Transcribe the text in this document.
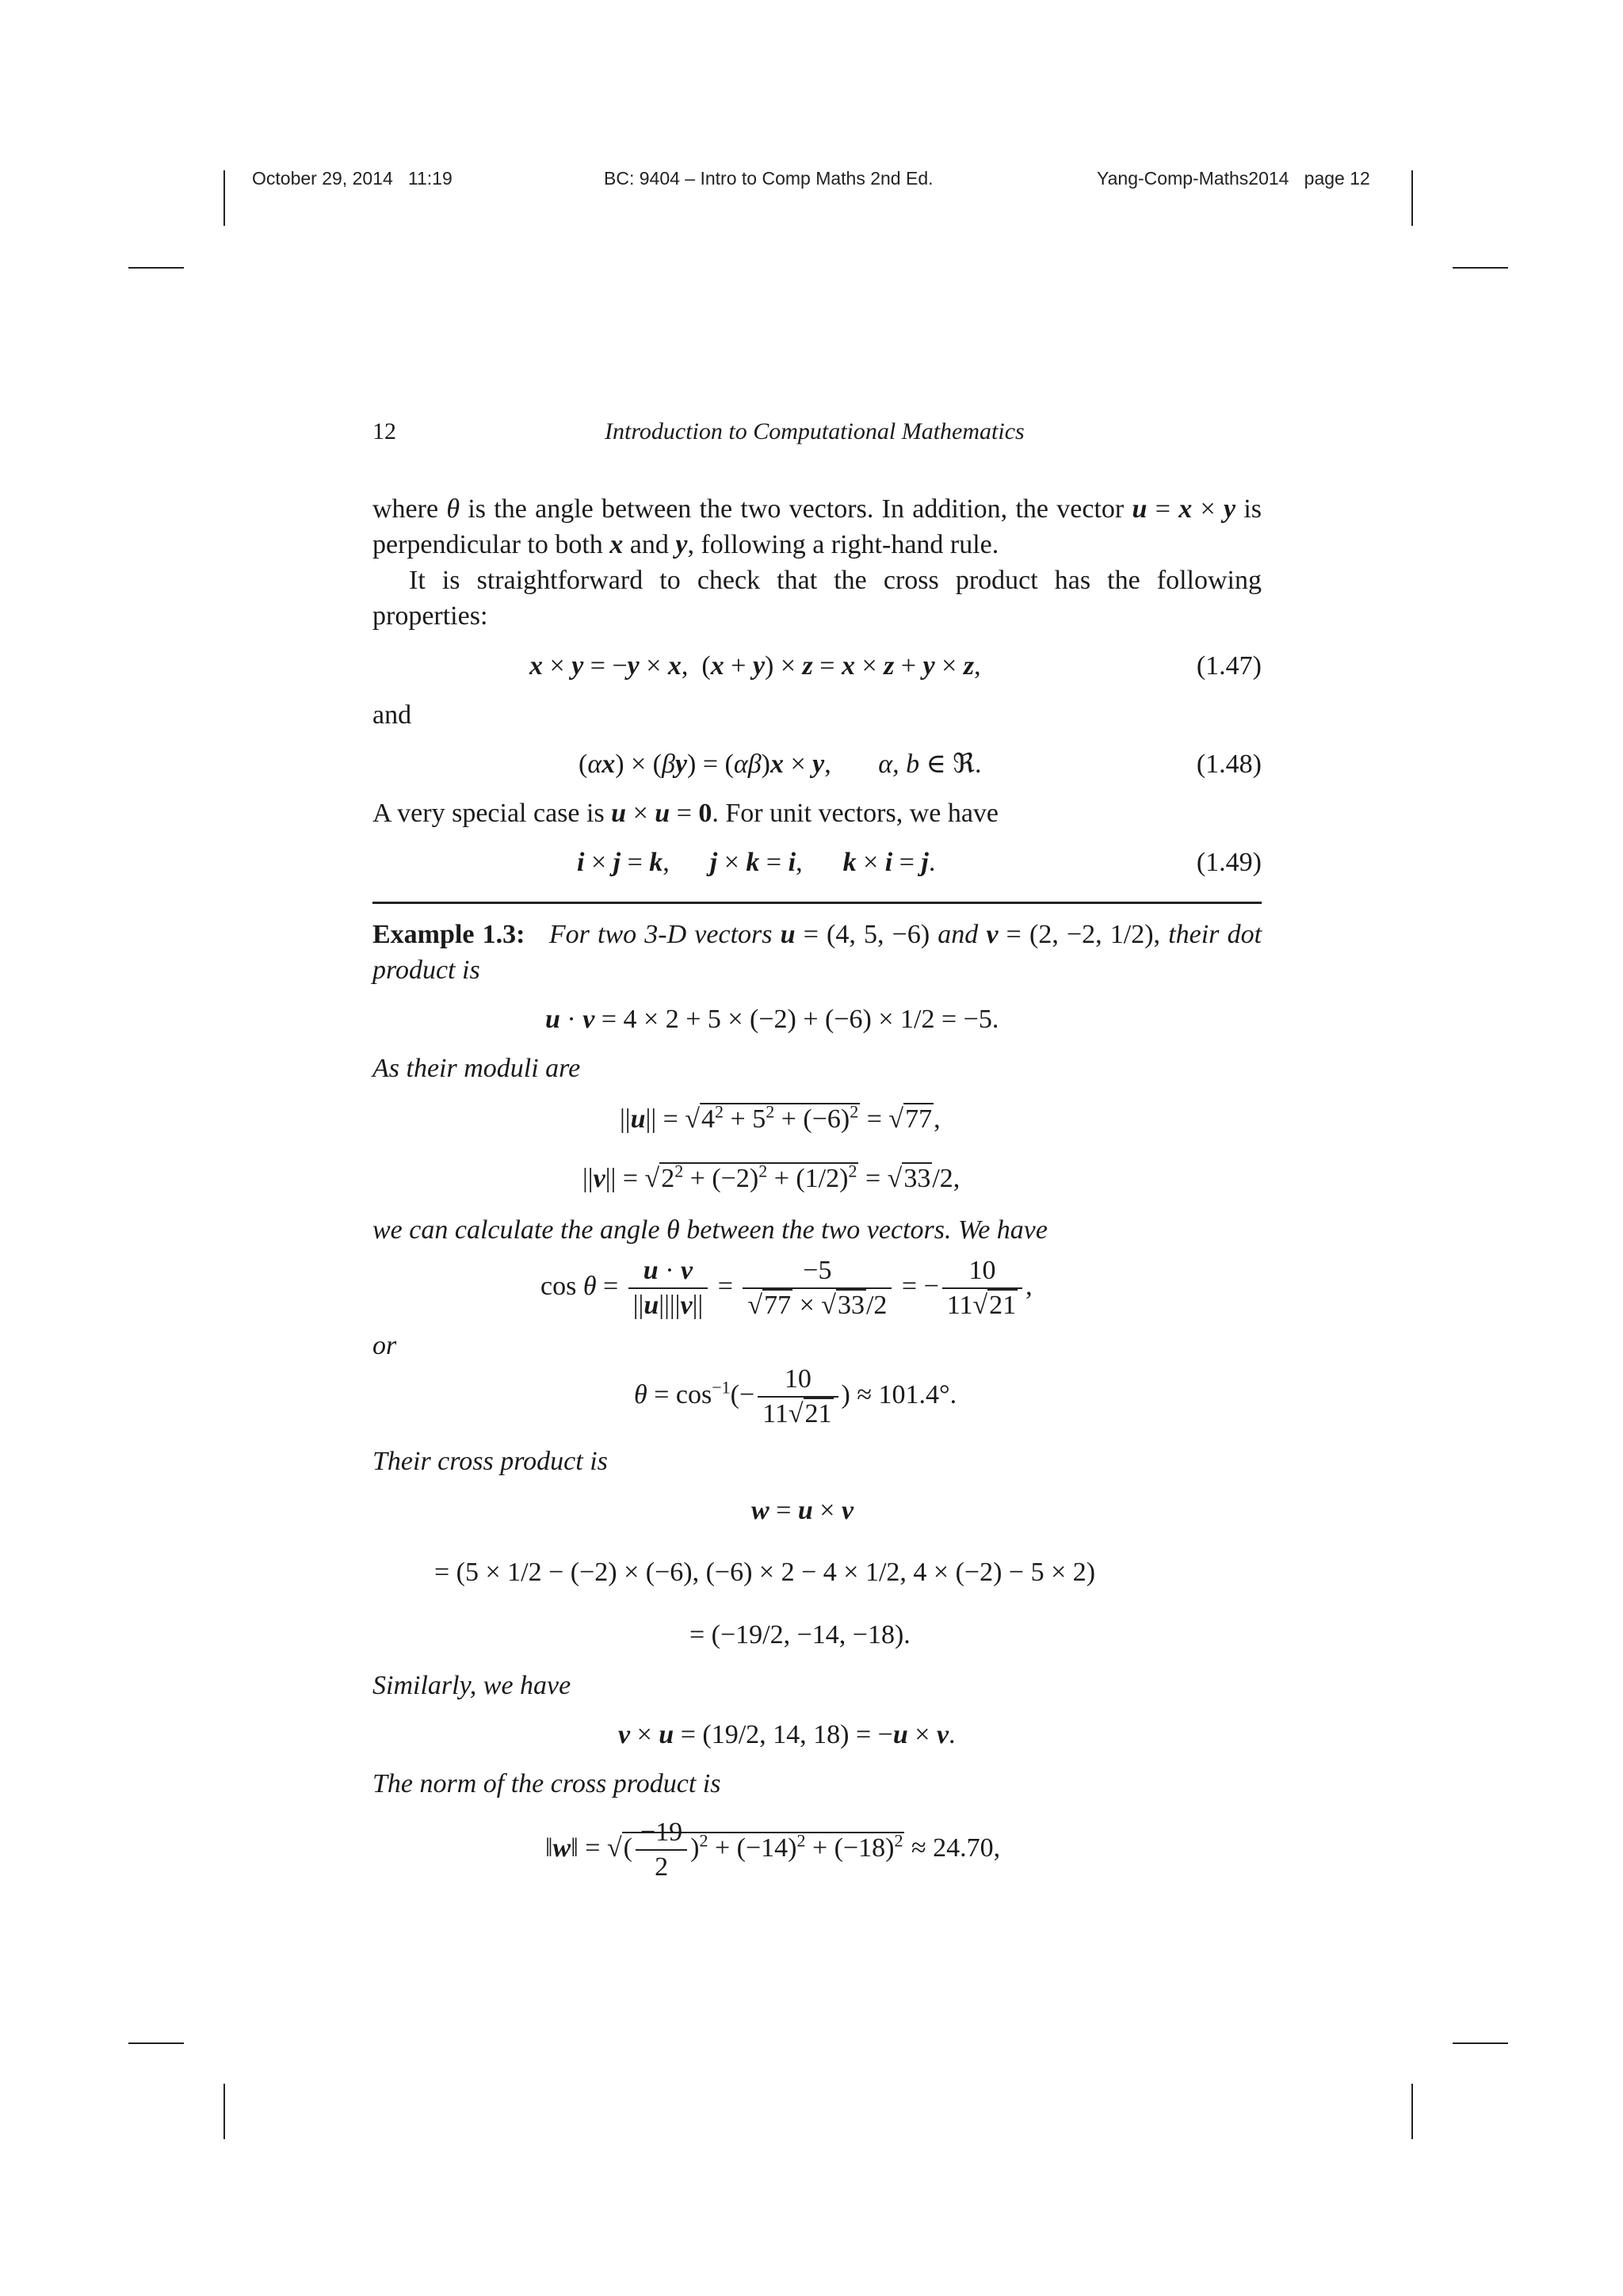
October 29, 2014 11:19	BC: 9404 – Intro to Comp Maths 2nd Ed.	Yang-Comp-Maths2014 page 12
12	Introduction to Computational Mathematics

where θ is the angle between the two vectors. In addition, the vector u = x × y is perpendicular to both x and y, following a right-hand rule.

It is straightforward to check that the cross product has the following properties:

x × y = −y × x,  (x + y) × z = x × z + y × z,	(1.47)
and
(αx) × (βy) = (αβ)x × y,       α, b ∈ ℜ.	(1.48)
A very special case is u × u = 0. For unit vectors, we have
i × j = k,      j × k = i,      k × i = j.	(1.49)

Example 1.3: For two 3-D vectors u = (4, 5, −6) and v = (2, −2, 1/2), their dot product is

u · v = 4 × 2 + 5 × (−2) + (−6) × 1/2 = −5.
As their moduli are
$||u|| = √4^2 + 5^2 + (-6)^2 = √77$,
$||v|| = √2^2 + (-2)^2 + (1/2)^2 = √33/2$,
we can calculate the angle θ between the two vectors. We have
$\cos \theta = \frac{u \cdot v}{||u||||v||} = \frac{-5}{√77 \times √33/2}$ = − $\frac{10}{11√21}$ ,
or
$\theta = \cos^{-1}(- \frac{10}{11√21}$ ) ≈ 101.4°.
Their cross product is
w = u × v
= (5 × 1/2 − (−2) × (−6), (−6) × 2 − 4 × 1/2, 4 × (−2) − 5 × 2)
= (−19/2, −14, −18).
Similarly, we have
v × u = (19/2, 14, 18) = −u × v.
The norm of the cross product is
‖w‖ = √( $\frac{-19}{2} )^2 + (-14)^2 + (-18)^2 \approx 24.70$,
